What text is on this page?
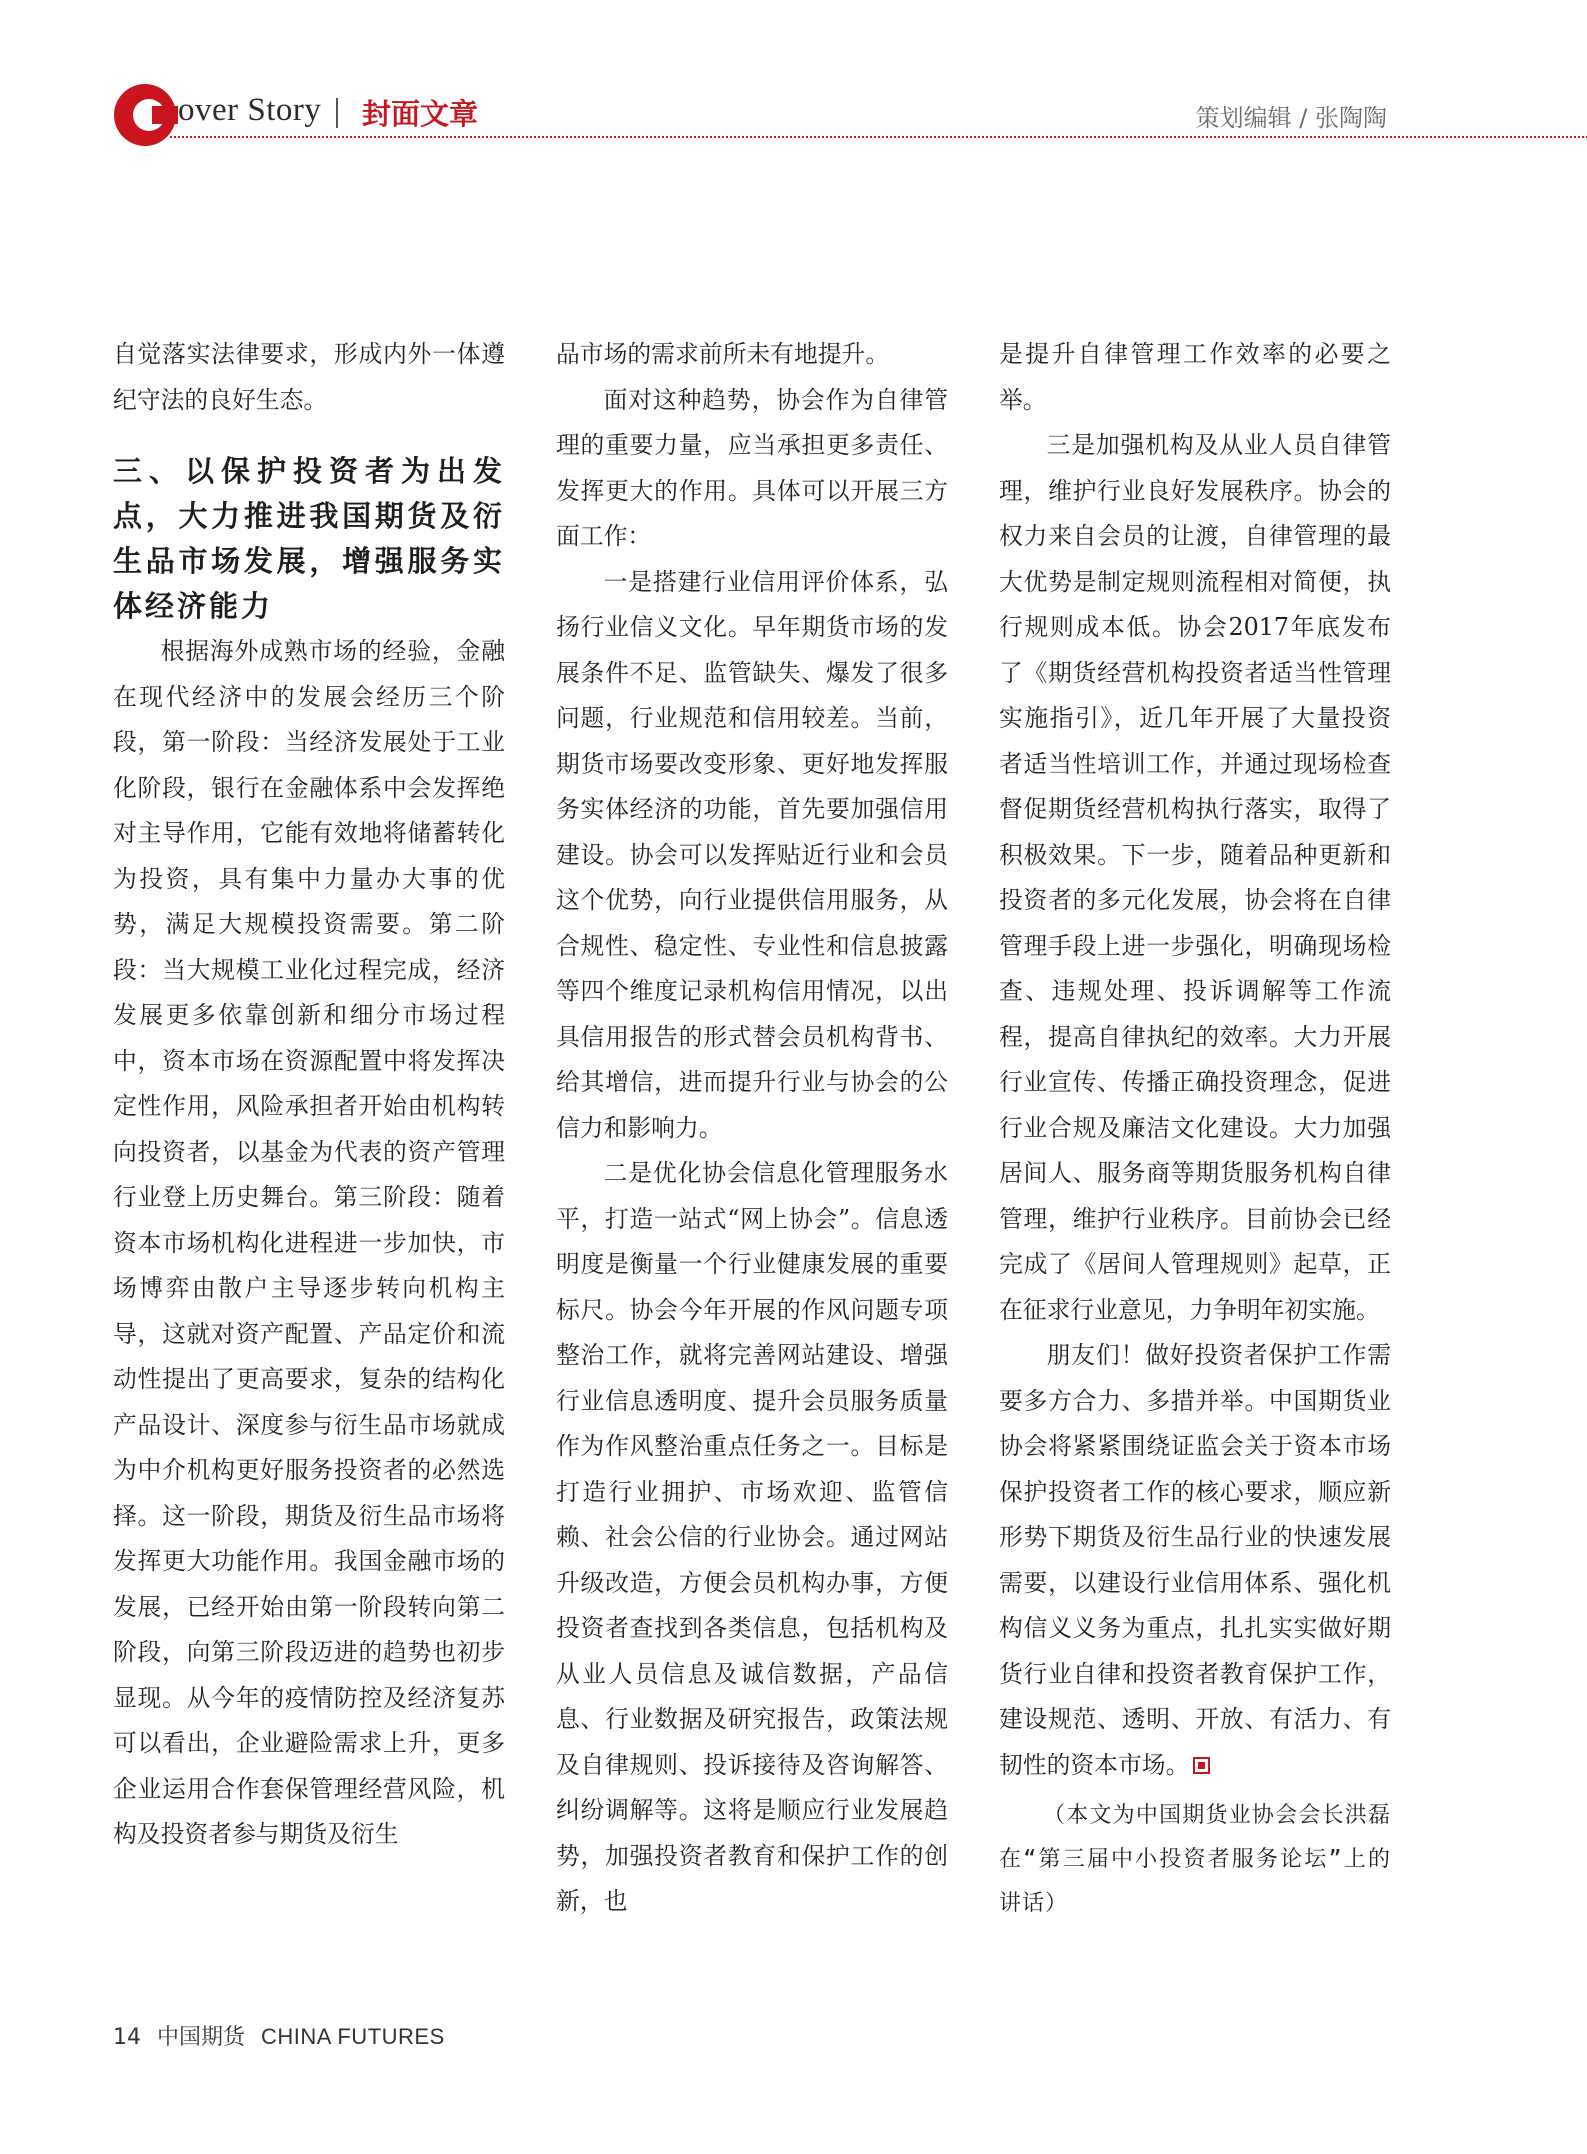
over Story 封面文章	策划编辑 / 张陶陶

自觉落实法律要求，形成内外一体遵纪守法的良好生态。

三、以保护投资者为出发点，大力推进我国期货及衍生品市场发展，增强服务实体经济能力

根据海外成熟市场的经验，金融在现代经济中的发展会经历三个阶段，第一阶段：当经济发展处于工业化阶段，银行在金融体系中会发挥绝对主导作用，它能有效地将储蓄转化为投资，具有集中力量办大事的优势，满足大规模投资需要。第二阶段：当大规模工业化过程完成，经济发展更多依靠创新和细分市场过程中，资本市场在资源配置中将发挥决定性作用，风险承担者开始由机构转向投资者，以基金为代表的资产管理行业登上历史舞台。第三阶段：随着资本市场机构化进程进一步加快，市场博弈由散户主导逐步转向机构主导，这就对资产配置、产品定价和流动性提出了更高要求，复杂的结构化产品设计、深度参与衍生品市场就成为中介机构更好服务投资者的必然选择。这一阶段，期货及衍生品市场将发挥更大功能作用。我国金融市场的发展，已经开始由第一阶段转向第二阶段，向第三阶段迈进的趋势也初步显现。从今年的疫情防控及经济复苏可以看出，企业避险需求上升，更多企业运用合作套保管理经营风险，机构及投资者参与期货及衍生

品市场的需求前所未有地提升。

面对这种趋势，协会作为自律管理的重要力量，应当承担更多责任、发挥更大的作用。具体可以开展三方面工作：

一是搭建行业信用评价体系，弘扬行业信义文化。早年期货市场的发展条件不足、监管缺失、爆发了很多问题，行业规范和信用较差。当前，期货市场要改变形象、更好地发挥服务实体经济的功能，首先要加强信用建设。协会可以发挥贴近行业和会员这个优势，向行业提供信用服务，从合规性、稳定性、专业性和信息披露等四个维度记录机构信用情况，以出具信用报告的形式替会员机构背书、给其增信，进而提升行业与协会的公信力和影响力。

二是优化协会信息化管理服务水平，打造一站式“网上协会”。信息透明度是衡量一个行业健康发展的重要标尺。协会今年开展的作风问题专项整治工作，就将完善网站建设、增强行业信息透明度、提升会员服务质量作为作风整治重点任务之一。目标是打造行业拥护、市场欢迎、监管信赖、社会公信的行业协会。通过网站升级改造，方便会员机构办事，方便投资者查找到各类信息，包括机构及从业人员信息及诚信数据，产品信息、行业数据及研究报告，政策法规及自律规则、投诉接待及咨询解答、纠纷调解等。这将是顺应行业发展趋势，加强投资者教育和保护工作的创新，也

是提升自律管理工作效率的必要之举。

三是加强机构及从业人员自律管理，维护行业良好发展秩序。协会的权力来自会员的让渡，自律管理的最大优势是制定规则流程相对简便，执行规则成本低。协会2017年底发布了《期货经营机构投资者适当性管理实施指引》，近几年开展了大量投资者适当性培训工作，并通过现场检查督促期货经营机构执行落实，取得了积极效果。下一步，随着品种更新和投资者的多元化发展，协会将在自律管理手段上进一步强化，明确现场检查、违规处理、投诉调解等工作流程，提高自律执纪的效率。大力开展行业宣传、传播正确投资理念，促进行业合规及廉洁文化建设。大力加强居间人、服务商等期货服务机构自律管理，维护行业秩序。目前协会已经完成了《居间人管理规则》起草，正在征求行业意见，力争明年初实施。

朋友们！做好投资者保护工作需要多方合力、多措并举。中国期货业协会将紧紧围绕证监会关于资本市场保护投资者工作的核心要求，顺应新形势下期货及衍生品行业的快速发展需要，以建设行业信用体系、强化机构信义义务为重点，扎扎实实做好期货行业自律和投资者教育保护工作，建设规范、透明、开放、有活力、有韧性的资本市场。

（本文为中国期货业协会会长洪磊在“第三届中小投资者服务论坛”上的讲话）

14 中国期货 CHINA FUTURES
